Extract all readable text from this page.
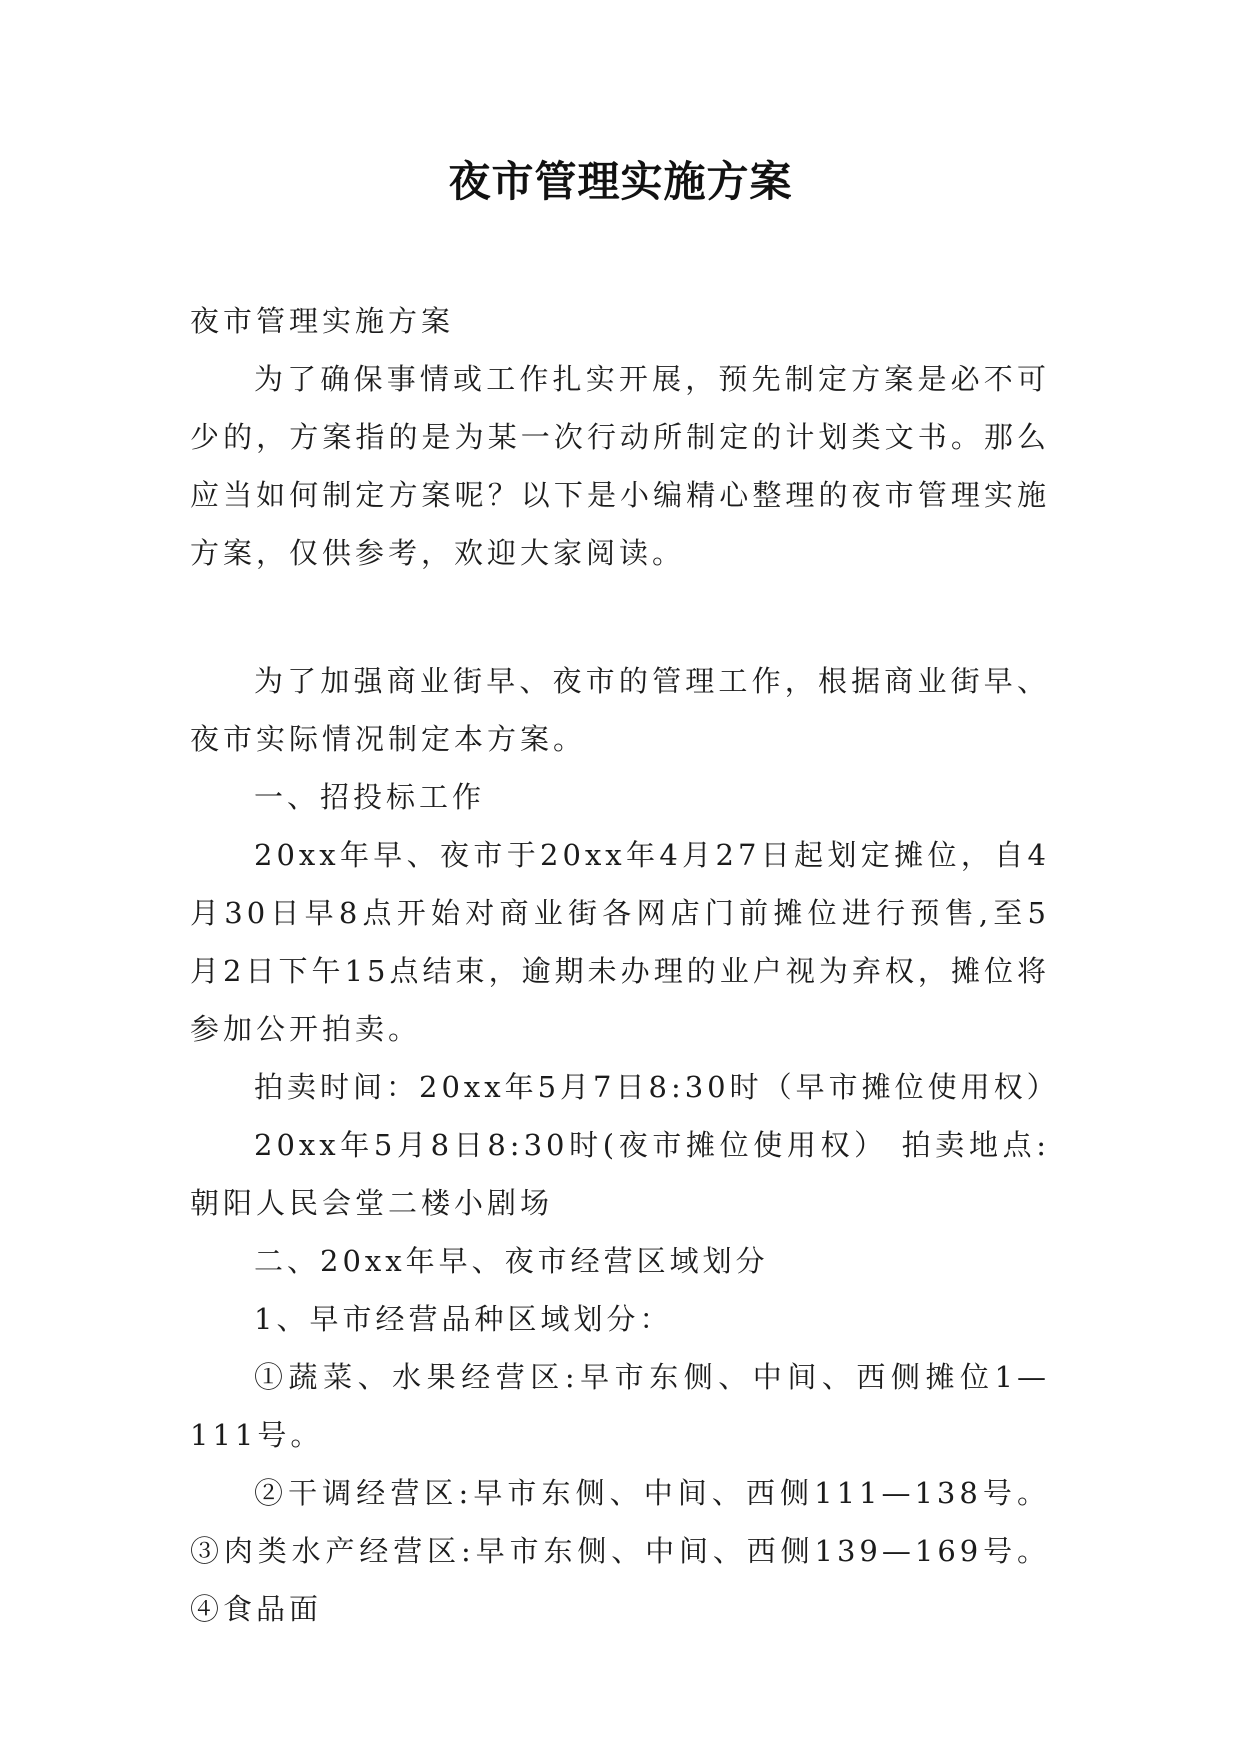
夜市管理实施方案

夜市管理实施方案

为了确保事情或工作扎实开展，预先制定方案是必不可少的，方案指的是为某一次行动所制定的计划类文书。那么应当如何制定方案呢？以下是小编精心整理的夜市管理实施方案，仅供参考，欢迎大家阅读。

为了加强商业街早、夜市的管理工作，根据商业街早、夜市实际情况制定本方案。

一、招投标工作

20xx年早、夜市于20xx年4月27日起划定摊位，自4月30日早8点开始对商业街各网店门前摊位进行预售,至5月2日下午15点结束，逾期未办理的业户视为弃权，摊位将参加公开拍卖。

拍卖时间：20xx年5月7日8:30时（早市摊位使用权）

20xx年5月8日8:30时(夜市摊位使用权） 拍卖地点:朝阳人民会堂二楼小剧场

二、20xx年早、夜市经营区域划分

1、早市经营品种区域划分：

①蔬菜、水果经营区:早市东侧、中间、西侧摊位1—111号。

②干调经营区:早市东侧、中间、西侧111—138号。③肉类水产经营区:早市东侧、中间、西侧139—169号。④食品面
